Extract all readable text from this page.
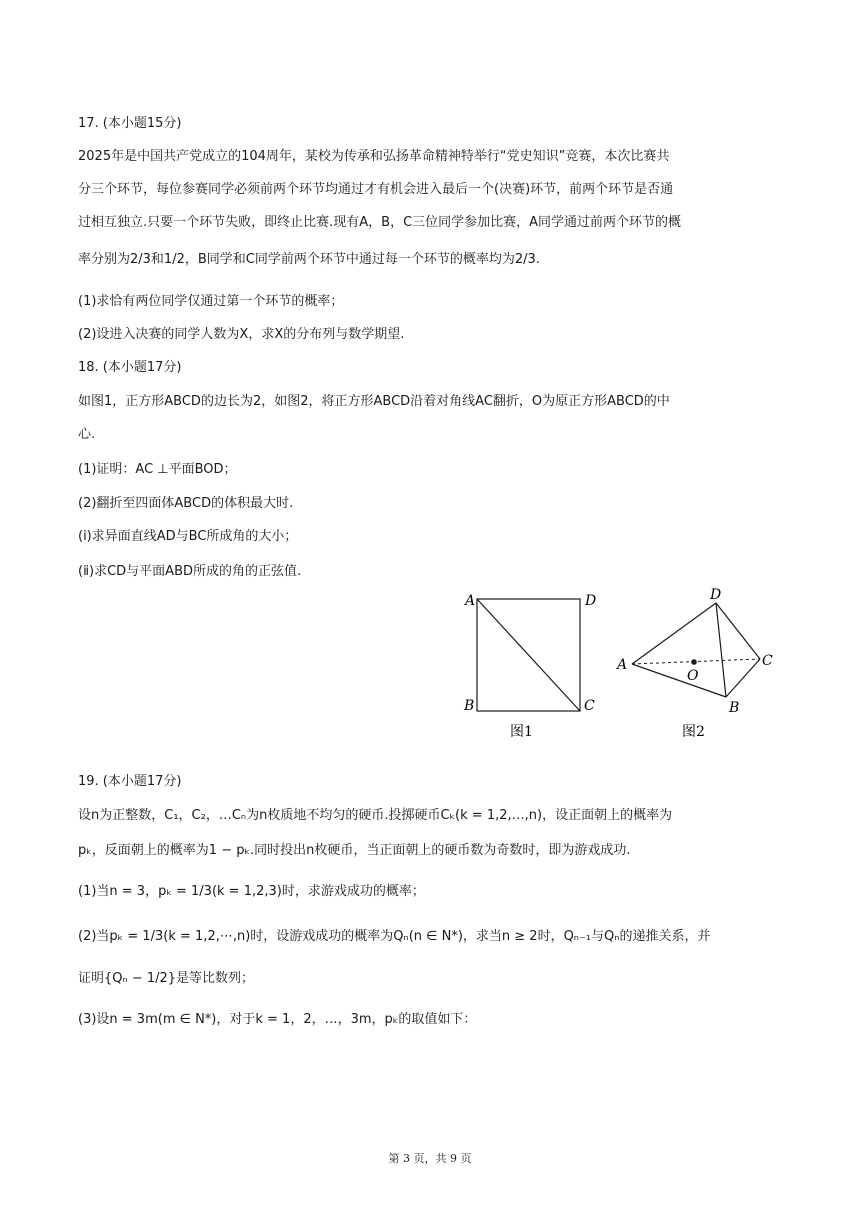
17. (本小题15分)
2025年是中国共产党成立的104周年，某校为传承和弘扬革命精神特举行“党史知识”竞赛，本次比赛共
分三个环节，每位参赛同学必须前两个环节均通过才有机会进入最后一个(决赛)环节，前两个环节是否通
过相互独立.只要一个环节失败，即终止比赛.现有A，B，C三位同学参加比赛，A同学通过前两个环节的概
率分别为2/3和1/2，B同学和C同学前两个环节中通过每一个环节的概率均为2/3.
(1)求恰有两位同学仅通过第一个环节的概率；
(2)设进入决赛的同学人数为X，求X的分布列与数学期望.
18. (本小题17分)
如图1，正方形ABCD的边长为2，如图2，将正方形ABCD沿着对角线AC翻折，O为原正方形ABCD的中
心.
(1)证明：AC ⊥平面BOD；
(2)翻折至四面体ABCD的体积最大时.
(ⅰ)求异面直线AD与BC所成角的大小；
(ⅱ)求CD与平面ABD所成的角的正弦值.
A	D
B	C
图1
A
D
C
B
O
图2
19. (本小题17分)
设n为正整数，C₁，C₂，…Cₙ为n枚质地不均匀的硬币.投掷硬币Cₖ(k = 1,2,…,n)，设正面朝上的概率为
pₖ，反面朝上的概率为1 − pₖ.同时投出n枚硬币，当正面朝上的硬币数为奇数时，即为游戏成功.
(1)当n = 3，pₖ = 1/3(k = 1,2,3)时，求游戏成功的概率；
(2)当pₖ = 1/3(k = 1,2,⋯,n)时，设游戏成功的概率为Qₙ(n ∈ N*)，求当n ≥ 2时，Qₙ₋₁与Qₙ的递推关系，并
证明{Qₙ − 1/2}是等比数列；
(3)设n = 3m(m ∈ N*)，对于k = 1，2，…，3m，pₖ的取值如下：
第 3 页，共 9 页
